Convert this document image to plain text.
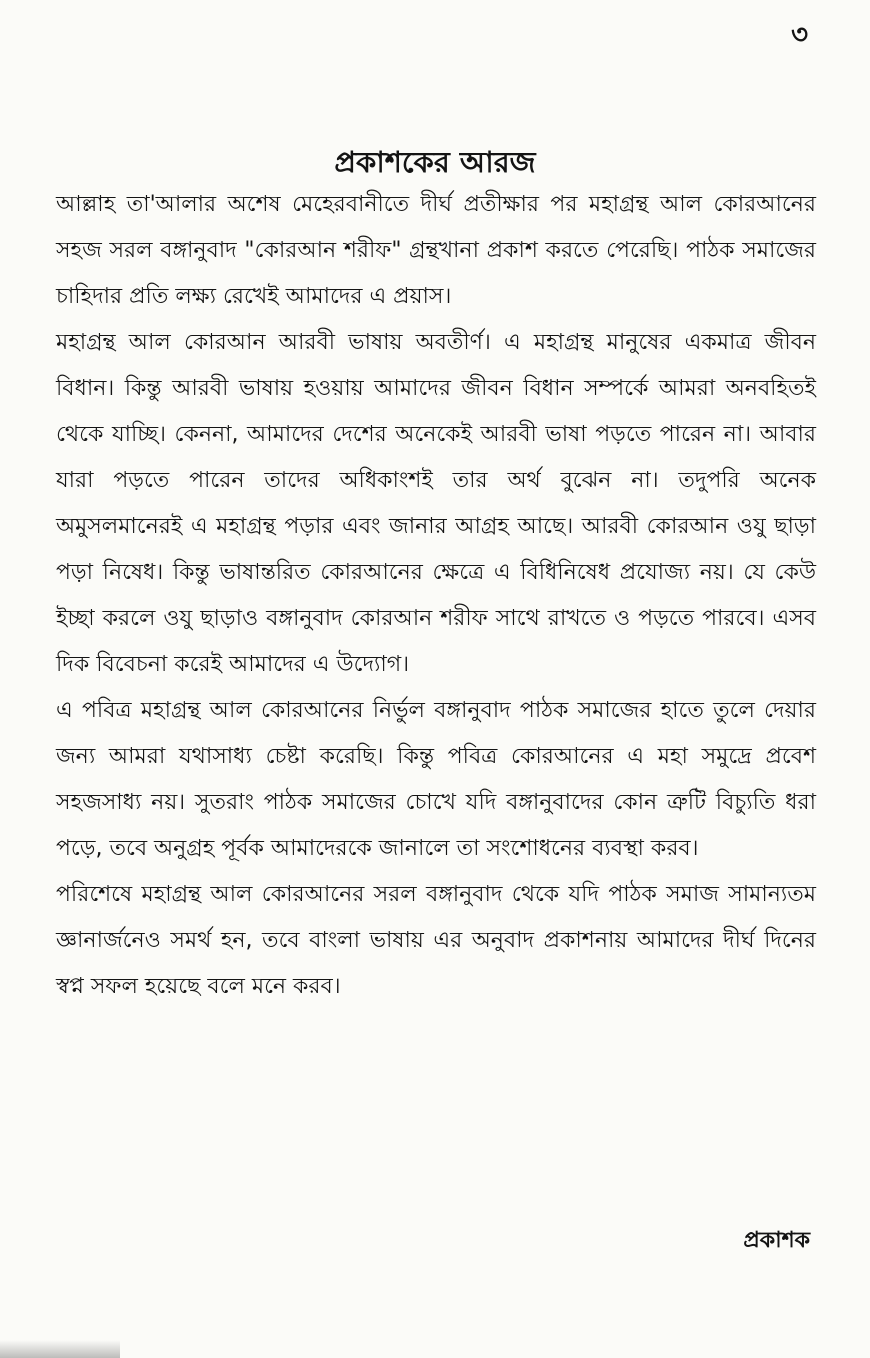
৩
প্রকাশকের আরজ

আল্লাহ তা'আলার অশেষ মেহেরবানীতে দীর্ঘ প্রতীক্ষার পর মহাগ্রন্থ আল কোরআনের সহজ সরল বঙ্গানুবাদ "কোরআন শরীফ" গ্রন্থখানা প্রকাশ করতে পেরেছি। পাঠক সমাজের চাহিদার প্রতি লক্ষ্য রেখেই আমাদের এ প্রয়াস।

মহাগ্রন্থ আল কোরআন আরবী ভাষায় অবতীর্ণ। এ মহাগ্রন্থ মানুষের একমাত্র জীবন বিধান। কিন্তু আরবী ভাষায় হওয়ায় আমাদের জীবন বিধান সম্পর্কে আমরা অনবহিতই থেকে যাচ্ছি। কেননা, আমাদের দেশের অনেকেই আরবী ভাষা পড়তে পারেন না। আবার যারা পড়তে পারেন তাদের অধিকাংশই তার অর্থ বুঝেন না। তদুপরি অনেক অমুসলমানেরই এ মহাগ্রন্থ পড়ার এবং জানার আগ্রহ আছে। আরবী কোরআন ওযু ছাড়া পড়া নিষেধ। কিন্তু ভাষান্তরিত কোরআনের ক্ষেত্রে এ বিধিনিষেধ প্রযোজ্য নয়। যে কেউ ইচ্ছা করলে ওযু ছাড়াও বঙ্গানুবাদ কোরআন শরীফ সাথে রাখতে ও পড়তে পারবে। এসব দিক বিবেচনা করেই আমাদের এ উদ্যোগ।

এ পবিত্র মহাগ্রন্থ আল কোরআনের নির্ভুল বঙ্গানুবাদ পাঠক সমাজের হাতে তুলে দেয়ার জন্য আমরা যথাসাধ্য চেষ্টা করেছি। কিন্তু পবিত্র কোরআনের এ মহা সমুদ্রে প্রবেশ সহজসাধ্য নয়। সুতরাং পাঠক সমাজের চোখে যদি বঙ্গানুবাদের কোন ত্রুটি বিচ্যুতি ধরা পড়ে, তবে অনুগ্রহ পূর্বক আমাদেরকে জানালে তা সংশোধনের ব্যবস্থা করব।

পরিশেষে মহাগ্রন্থ আল কোরআনের সরল বঙ্গানুবাদ থেকে যদি পাঠক সমাজ সামান্যতম জ্ঞানার্জনেও সমর্থ হন, তবে বাংলা ভাষায় এর অনুবাদ প্রকাশনায় আমাদের দীর্ঘ দিনের স্বপ্ন সফল হয়েছে বলে মনে করব।

প্রকাশক
